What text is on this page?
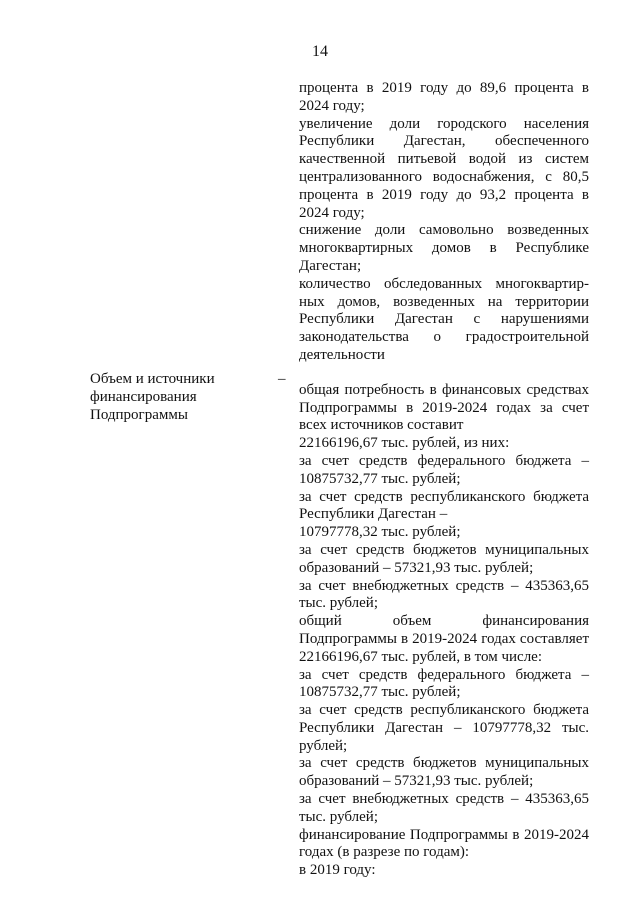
14

процента в 2019 году до 89,6 процента в 2024 году;

увеличение доли городского населения Республики Дагестан, обеспеченного качественной питьевой водой из систем централизованного водоснабжения, с 80,5 процента в 2019 году до 93,2 процента в 2024 году;

снижение доли самовольно возведенных многоквартирных домов в Республике Дагестан;

количество обследованных многоквартир-ных домов, возведенных на территории Республики Дагестан с нарушениями законодательства о градостроительной деятельности

общая потребность в финансовых средствах Подпрограммы в 2019-2024 годах за счет всех источников составит

22166196,67 тыс. рублей, из них:

за счет средств федерального бюджета – 10875732,77 тыс. рублей;

за счет средств республиканского бюджета Республики Дагестан –

10797778,32 тыс. рублей;

за счет средств бюджетов муниципальных образований – 57321,93 тыс. рублей;

за счет внебюджетных средств – 435363,65 тыс. рублей;

общий объем финансирования Подпрограммы в 2019-2024 годах составляет 22166196,67 тыс. рублей, в том числе:

за счет средств федерального бюджета – 10875732,77 тыс. рублей;

за счет средств республиканского бюджета Республики Дагестан – 10797778,32 тыс. рублей;

за счет средств бюджетов муниципальных образований – 57321,93 тыс. рублей;

за счет внебюджетных средств – 435363,65 тыс. рублей;

финансирование Подпрограммы в 2019-2024 годах (в разрезе по годам):

в 2019 году:

Объем и источники финансирования Подпрограммы
–
